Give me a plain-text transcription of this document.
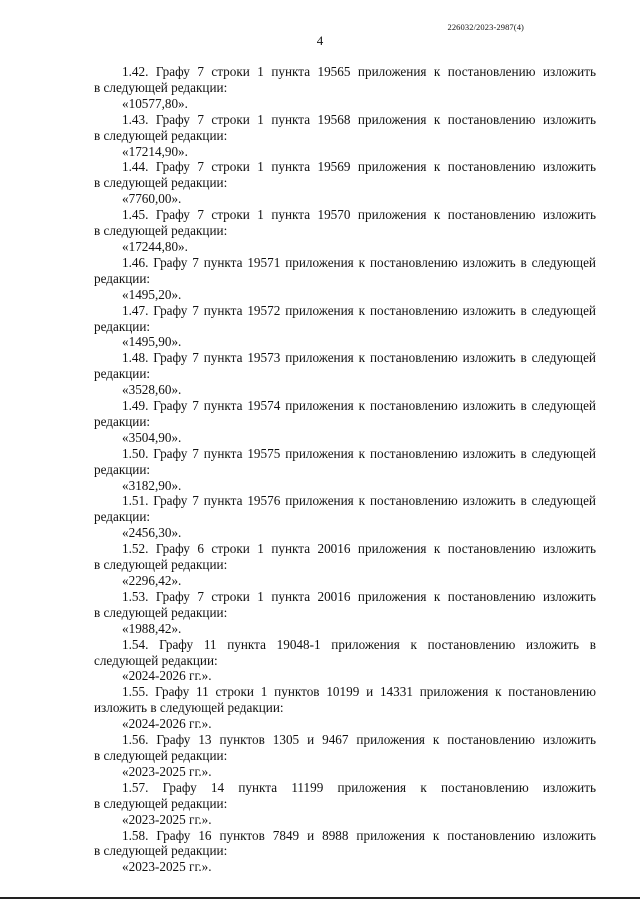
226032/2023-2987(4)
4
1.42. Графу 7 строки 1 пункта 19565 приложения к постановлению изложить
в следующей редакции:
«10577,80».
1.43. Графу 7 строки 1 пункта 19568 приложения к постановлению изложить
в следующей редакции:
«17214,90».
1.44. Графу 7 строки 1 пункта 19569 приложения к постановлению изложить
в следующей редакции:
«7760,00».
1.45. Графу 7 строки 1 пункта 19570 приложения к постановлению изложить
в следующей редакции:
«17244,80».
1.46. Графу 7 пункта 19571 приложения к постановлению изложить в следующей
редакции:
«1495,20».
1.47. Графу 7 пункта 19572 приложения к постановлению изложить в следующей
редакции:
«1495,90».
1.48. Графу 7 пункта 19573 приложения к постановлению изложить в следующей
редакции:
«3528,60».
1.49. Графу 7 пункта 19574 приложения к постановлению изложить в следующей
редакции:
«3504,90».
1.50. Графу 7 пункта 19575 приложения к постановлению изложить в следующей
редакции:
«3182,90».
1.51. Графу 7 пункта 19576 приложения к постановлению изложить в следующей
редакции:
«2456,30».
1.52. Графу 6 строки 1 пункта 20016 приложения к постановлению изложить
в следующей редакции:
«2296,42».
1.53. Графу 7 строки 1 пункта 20016 приложения к постановлению изложить
в следующей редакции:
«1988,42».
1.54. Графу 11 пункта 19048-1 приложения к постановлению изложить в
следующей редакции:
«2024-2026 гг.».
1.55. Графу 11 строки 1 пунктов 10199 и 14331 приложения к постановлению
изложить в следующей редакции:
«2024-2026 гг.».
1.56. Графу 13 пунктов 1305 и 9467 приложения к постановлению изложить
в следующей редакции:
«2023-2025 гг.».
1.57. Графу 14 пункта 11199 приложения к постановлению изложить
в следующей редакции:
«2023-2025 гг.».
1.58. Графу 16 пунктов 7849 и 8988 приложения к постановлению изложить
в следующей редакции:
«2023-2025 гг.».
